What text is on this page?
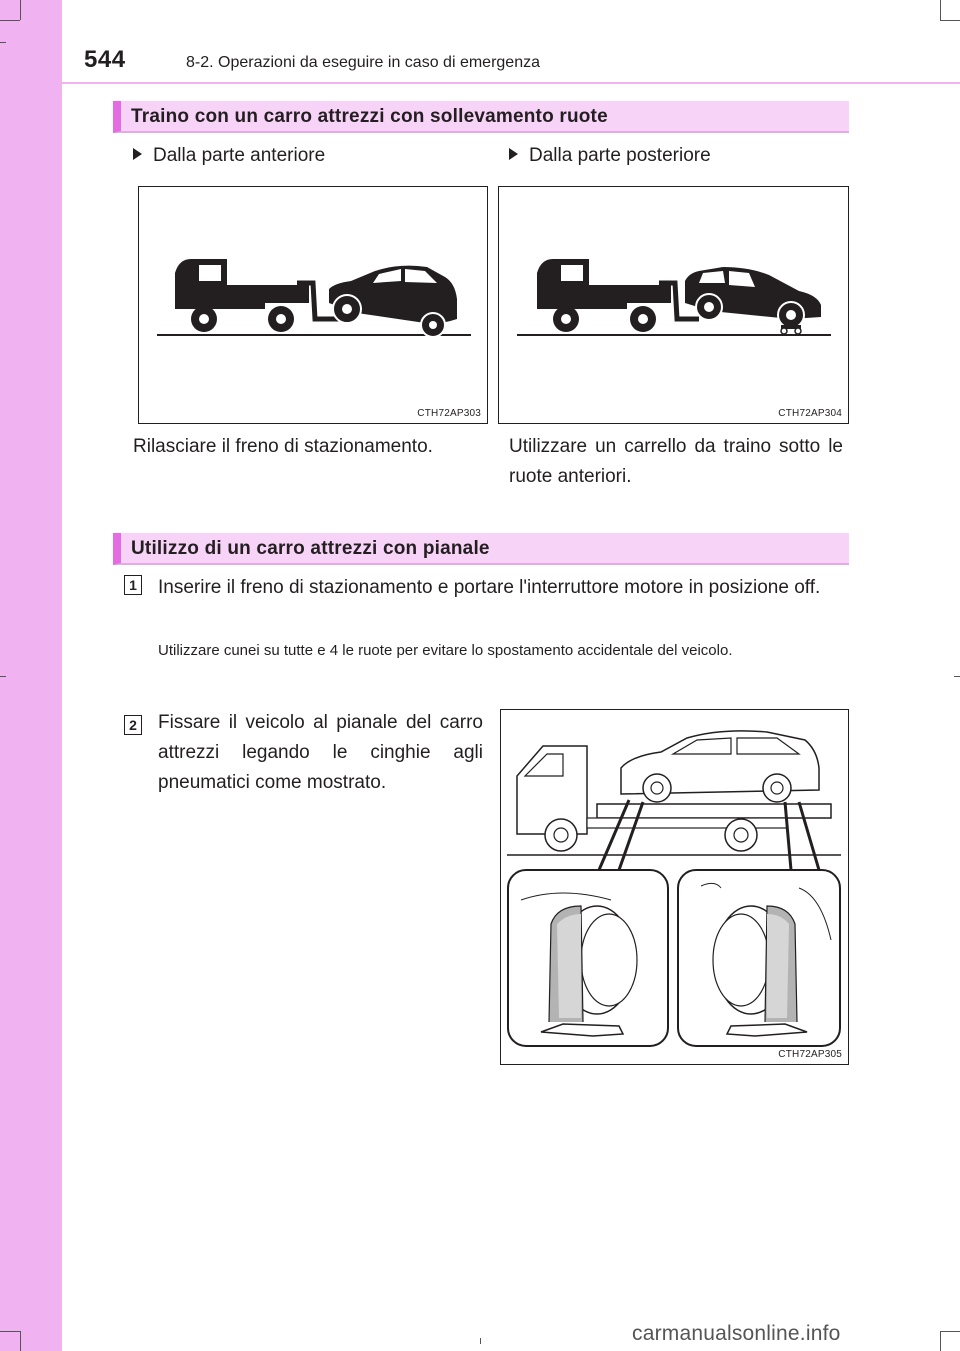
544	8-2. Operazioni da eseguire in caso di emergenza
Traino con un carro attrezzi con sollevamento ruote
Dalla parte anteriore	Dalla parte posteriore
CTH72AP303	CTH72AP304
Rilasciare il freno di stazionamento.	Utilizzare un carrello da traino sotto le ruote anteriori.
Utilizzo di un carro attrezzi con pianale
1 Inserire il freno di stazionamento e portare l'interruttore motore in posizione off.
Utilizzare cunei su tutte e 4 le ruote per evitare lo spostamento accidentale del veicolo.
2 Fissare il veicolo al pianale del carro attrezzi legando le cinghie agli pneumatici come mostrato.
CTH72AP305
carmanualsonline.info
